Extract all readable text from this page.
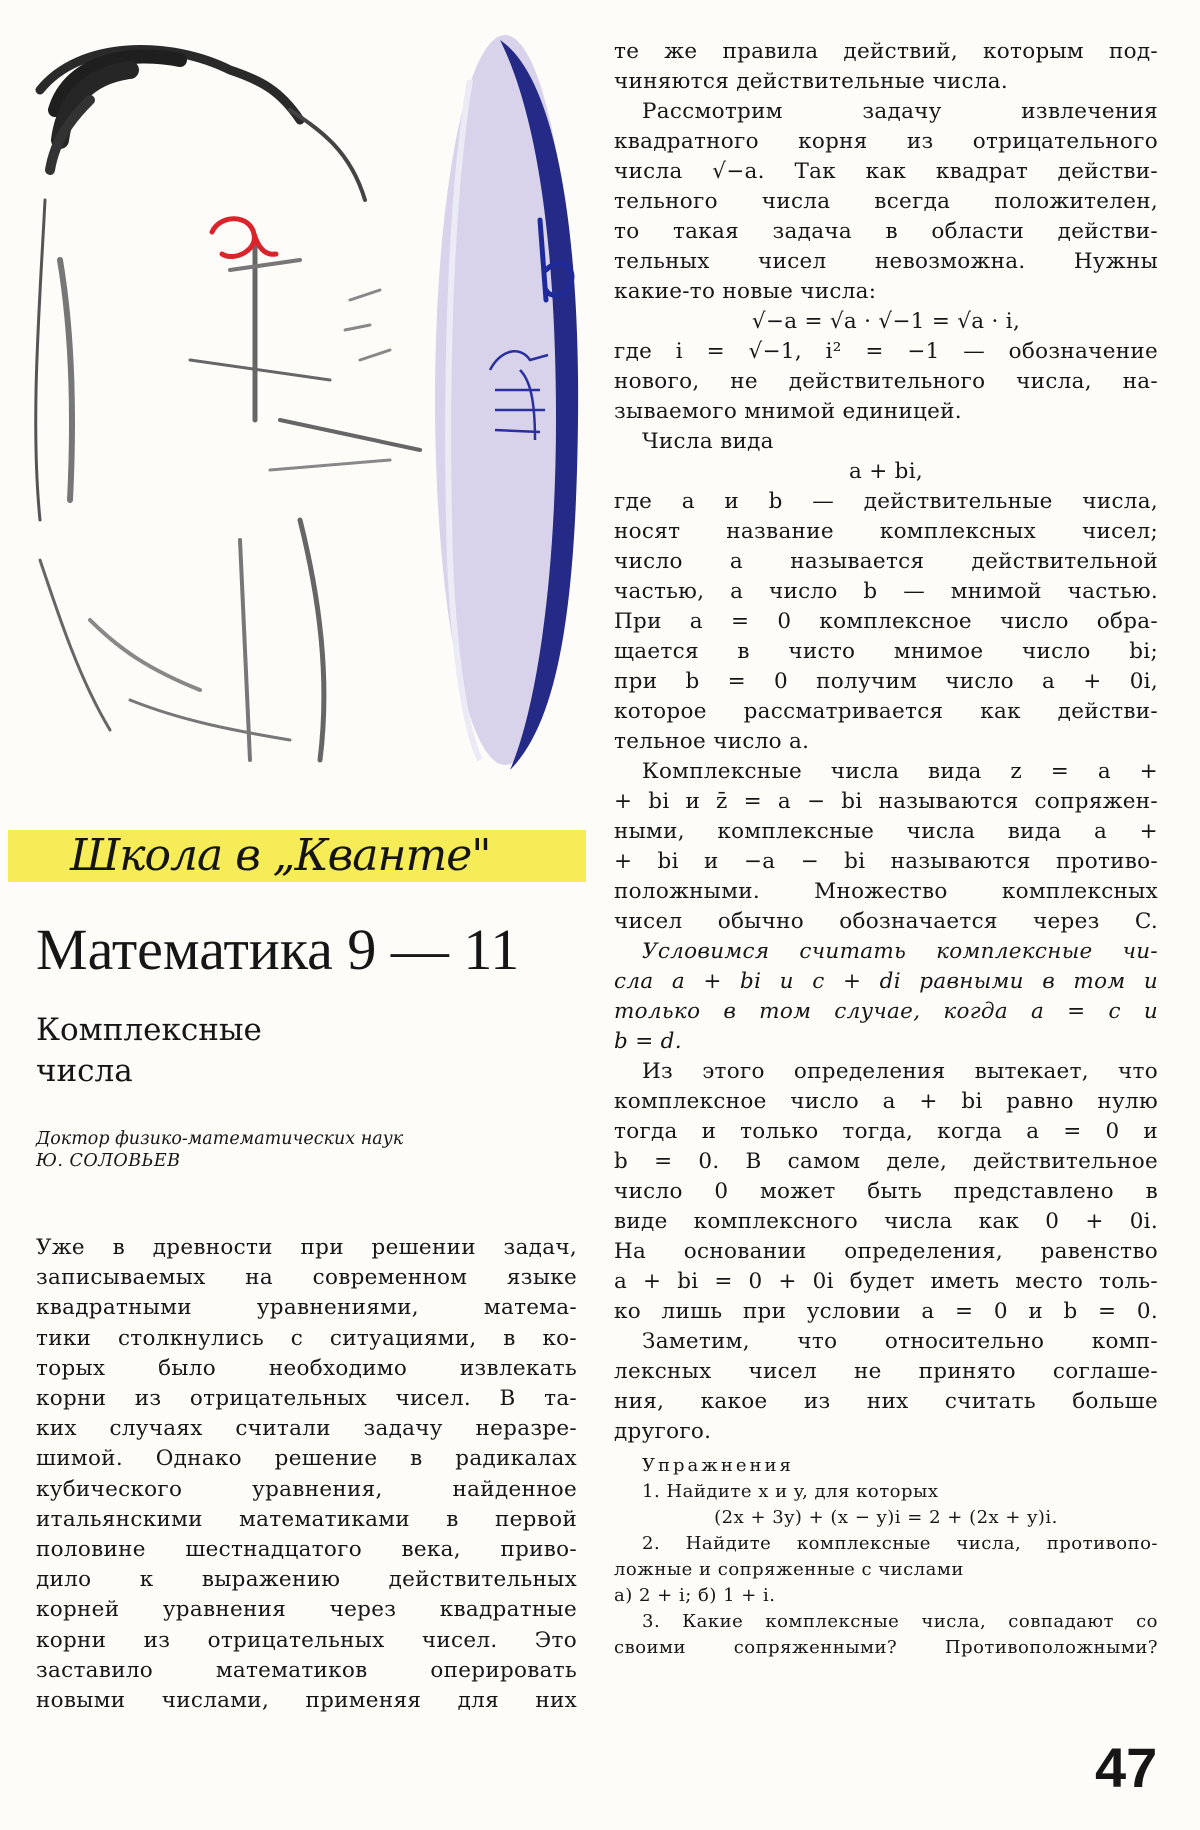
Школа в „Кванте"
Математика 9 — 11
Комплексные числа
Доктор физико-математических наук
Ю. СОЛОВЬЕВ

Уже в древности при решении задач,

записываемых на современном языке

квадратными уравнениями, матема-

тики столкнулись с ситуациями, в ко-

торых было необходимо извлекать

корни из отрицательных чисел. В та-

ких случаях считали задачу неразре-

шимой. Однако решение в радикалах

кубического уравнения, найденное

итальянскими математиками в первой

половине шестнадцатого века, приво-

дило к выражению действительных

корней уравнения через квадратные

корни из отрицательных чисел. Это

заставило математиков оперировать

новыми числами, применяя для них

те же правила действий, которым под-

чиняются действительные числа.

Рассмотрим задачу извлечения

квадратного корня из отрицательного

числа √−a. Так как квадрат действи-

тельного числа всегда положителен,

то такая задача в области действи-

тельных чисел невозможна. Нужны

какие-то новые числа:

√−a = √a · √−1 = √a · i,

где i = √−1, i² = −1 — обозначение

нового, не действительного числа, на-

зываемого мнимой единицей.

Числа вида

a + bi,

где a и b — действительные числа,

носят название комплексных чисел;

число a называется действительной

частью, а число b — мнимой частью.

При a = 0 комплексное число обра-

щается в чисто мнимое число bi;

при b = 0 получим число a + 0i,

которое рассматривается как действи-

тельное число a.

Комплексные числа вида z = a +

+ bi и z̄ = a − bi называются сопряжен-

ными, комплексные числа вида a +

+ bi и −a − bi называются противо-

положными. Множество комплексных

чисел обычно обозначается через C.

Условимся считать комплексные чи-

сла a + bi и c + di равными в том и

только в том случае, когда a = c и

b = d.

Из этого определения вытекает, что

комплексное число a + bi равно нулю

тогда и только тогда, когда a = 0 и

b = 0. В самом деле, действительное

число 0 может быть представлено в

виде комплексного числа как 0 + 0i.

На основании определения, равенство

a + bi = 0 + 0i будет иметь место толь-

ко лишь при условии a = 0 и b = 0.

Заметим, что относительно комп-

лексных чисел не принято соглаше-

ния, какое из них считать больше

другого.

Упражнения

1. Найдите x и y, для которых

(2x + 3y) + (x − y)i = 2 + (2x + y)i.

2. Найдите комплексные числа, противопо-

ложные и сопряженные с числами

а) 2 + i; б) 1 + i.

3. Какие комплексные числа, совпадают со

своими сопряженными? Противоположными?

47
